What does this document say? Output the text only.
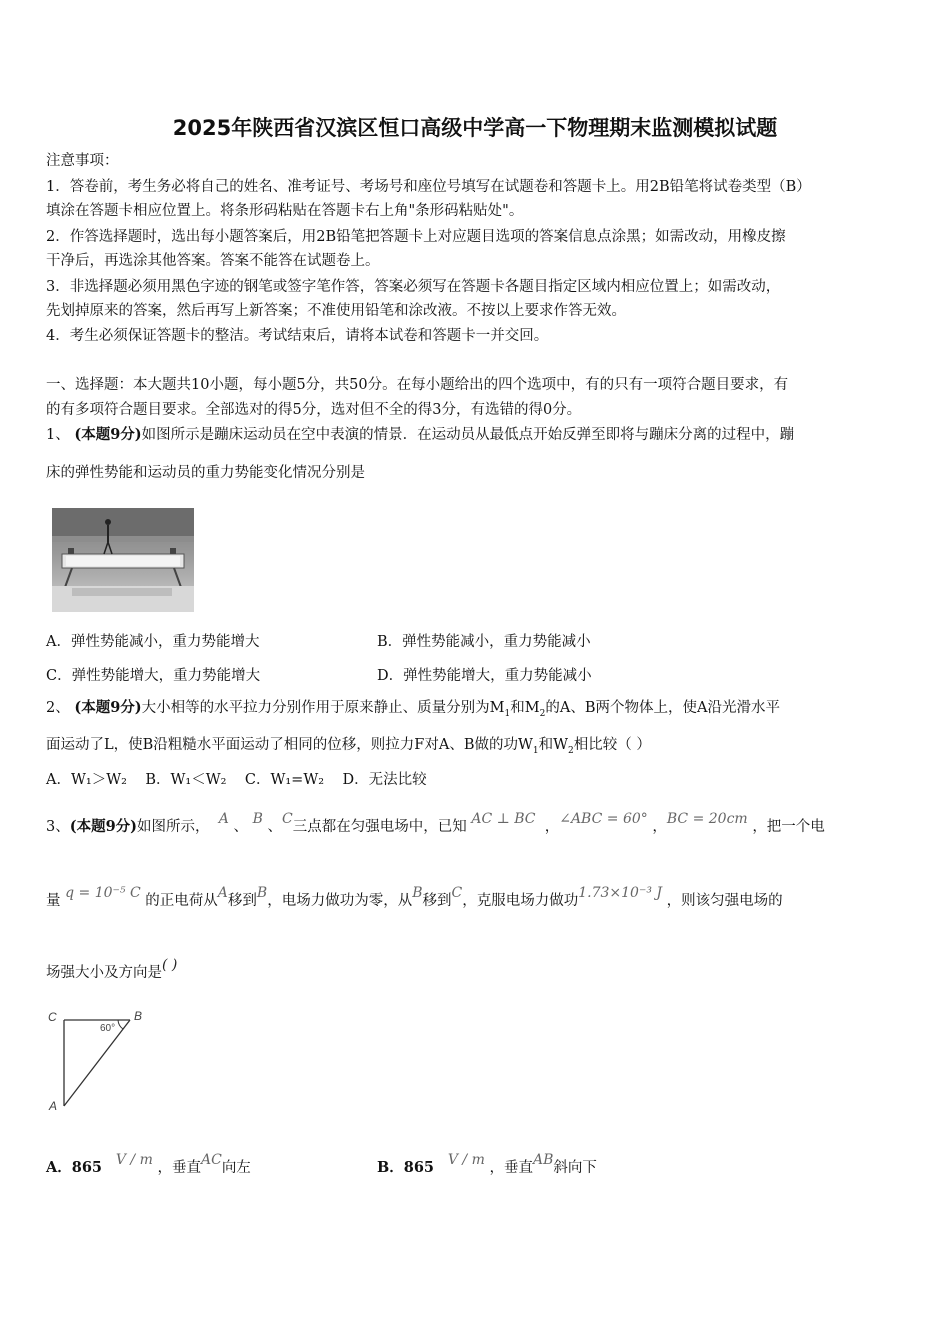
2025年陕西省汉滨区恒口高级中学高一下物理期末监测模拟试题
注意事项：
1．答卷前，考生务必将自己的姓名、准考证号、考场号和座位号填写在试题卷和答题卡上。用2B铅笔将试卷类型（B）
填涂在答题卡相应位置上。将条形码粘贴在答题卡右上角"条形码粘贴处"。
2．作答选择题时，选出每小题答案后，用2B铅笔把答题卡上对应题目选项的答案信息点涂黑；如需改动，用橡皮擦
干净后，再选涂其他答案。答案不能答在试题卷上。
3．非选择题必须用黑色字迹的钢笔或签字笔作答，答案必须写在答题卡各题目指定区域内相应位置上；如需改动，
先划掉原来的答案，然后再写上新答案；不准使用铅笔和涂改液。不按以上要求作答无效。
4．考生必须保证答题卡的整洁。考试结束后，请将本试卷和答题卡一并交回。
一、选择题：本大题共10小题，每小题5分，共50分。在每小题给出的四个选项中，有的只有一项符合题目要求，有
的有多项符合题目要求。全部选对的得5分，选对但不全的得3分，有选错的得0分。
1、 (本题9分)如图所示是蹦床运动员在空中表演的情景．在运动员从最低点开始反弹至即将与蹦床分离的过程中，蹦
床的弹性势能和运动员的重力势能变化情况分别是
A．弹性势能减小，重力势能增大	B．弹性势能减小，重力势能减小
C．弹性势能增大，重力势能增大	D．弹性势能增大，重力势能减小
2、 (本题9分)大小相等的水平拉力分别作用于原来静止、质量分别为$M_1$和$M_2$的A、B两个物体上，使A沿光滑水平
面运动了L，使B沿粗糙水平面运动了相同的位移，则拉力F对A、B做的功$W_1$和$W_2$相比较（ ）
A．W₁＞W₂ B．W₁＜W₂ C．W₁=W₂ D．无法比较
3、(本题9分)如图所示， A 、 B 、C三点都在匀强电场中，已知 AC ⊥ BC ，∠ABC = 60° ，BC = 20cm ，把一个电
量 q = 10⁻⁵ C 的正电荷从A移到B，电场力做功为零，从B移到C，克服电场力做功1.73×10⁻³ J ，则该匀强电场的
场强大小及方向是( )
C	B
A
60°
A．865 V / m ，垂直AC向左	B．865 V / m ，垂直AB斜向下
